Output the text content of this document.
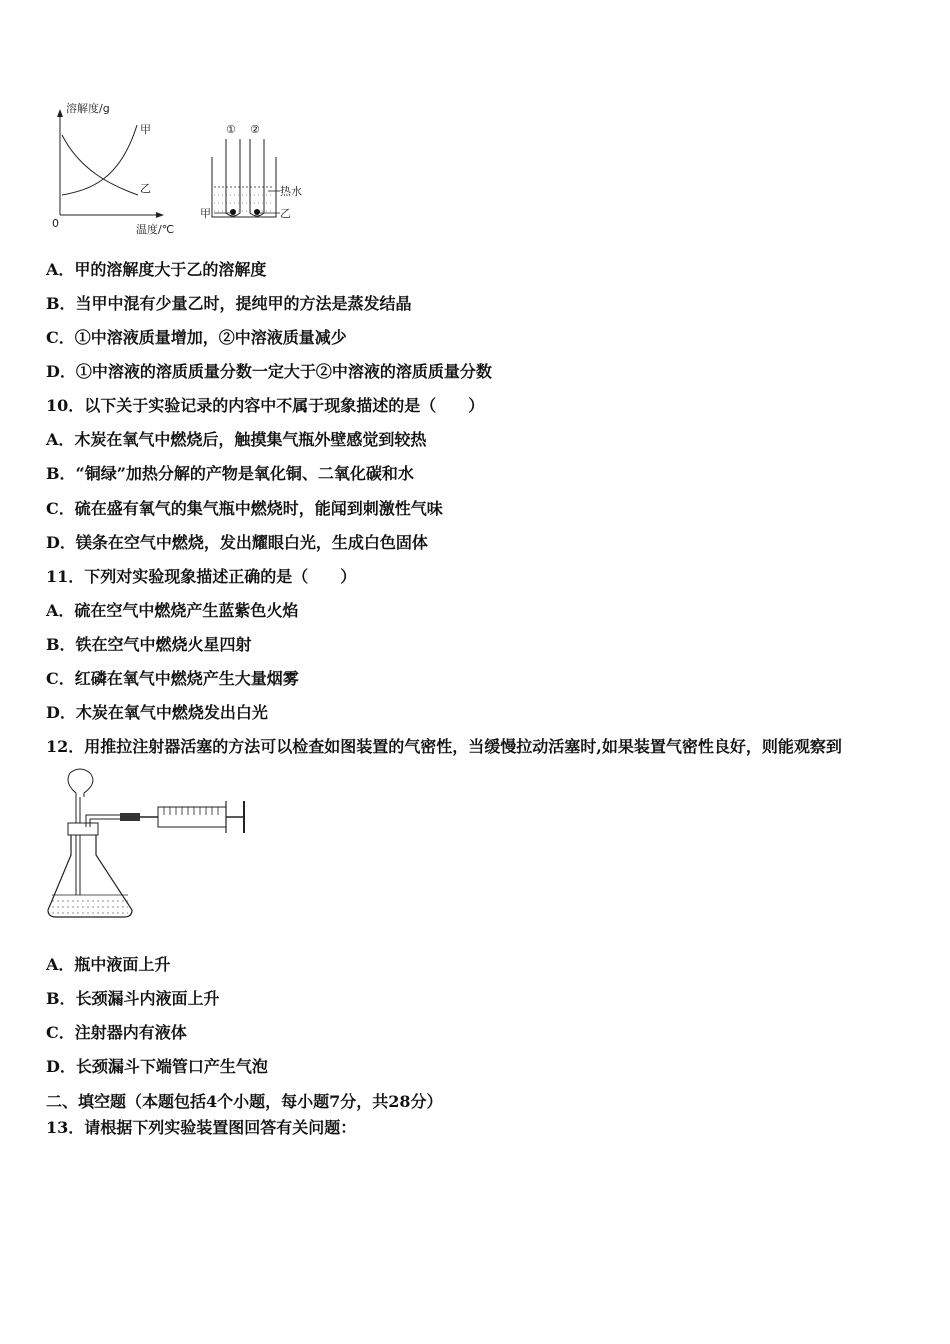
溶解度/g
温度/℃
0
甲
乙
① ②
热水
甲	乙
A．甲的溶解度大于乙的溶解度
B．当甲中混有少量乙时，提纯甲的方法是蒸发结晶
C．①中溶液质量增加，②中溶液质量减少
D．①中溶液的溶质质量分数一定大于②中溶液的溶质质量分数
10．以下关于实验记录的内容中不属于现象描述的是（　　）
A．木炭在氧气中燃烧后，触摸集气瓶外壁感觉到较热
B．“铜绿”加热分解的产物是氧化铜、二氧化碳和水
C．硫在盛有氧气的集气瓶中燃烧时，能闻到刺激性气味
D．镁条在空气中燃烧，发出耀眼白光，生成白色固体
11．下列对实验现象描述正确的是（　　）
A．硫在空气中燃烧产生蓝紫色火焰
B．铁在空气中燃烧火星四射
C．红磷在氧气中燃烧产生大量烟雾
D．木炭在氧气中燃烧发出白光
12．用推拉注射器活塞的方法可以检查如图装置的气密性，当缓慢拉动活塞时,如果装置气密性良好，则能观察到
A．瓶中液面上升
B．长颈漏斗内液面上升
C．注射器内有液体
D．长颈漏斗下端管口产生气泡
二、填空题（本题包括4个小题，每小题7分，共28分）
13．请根据下列实验装置图回答有关问题：
